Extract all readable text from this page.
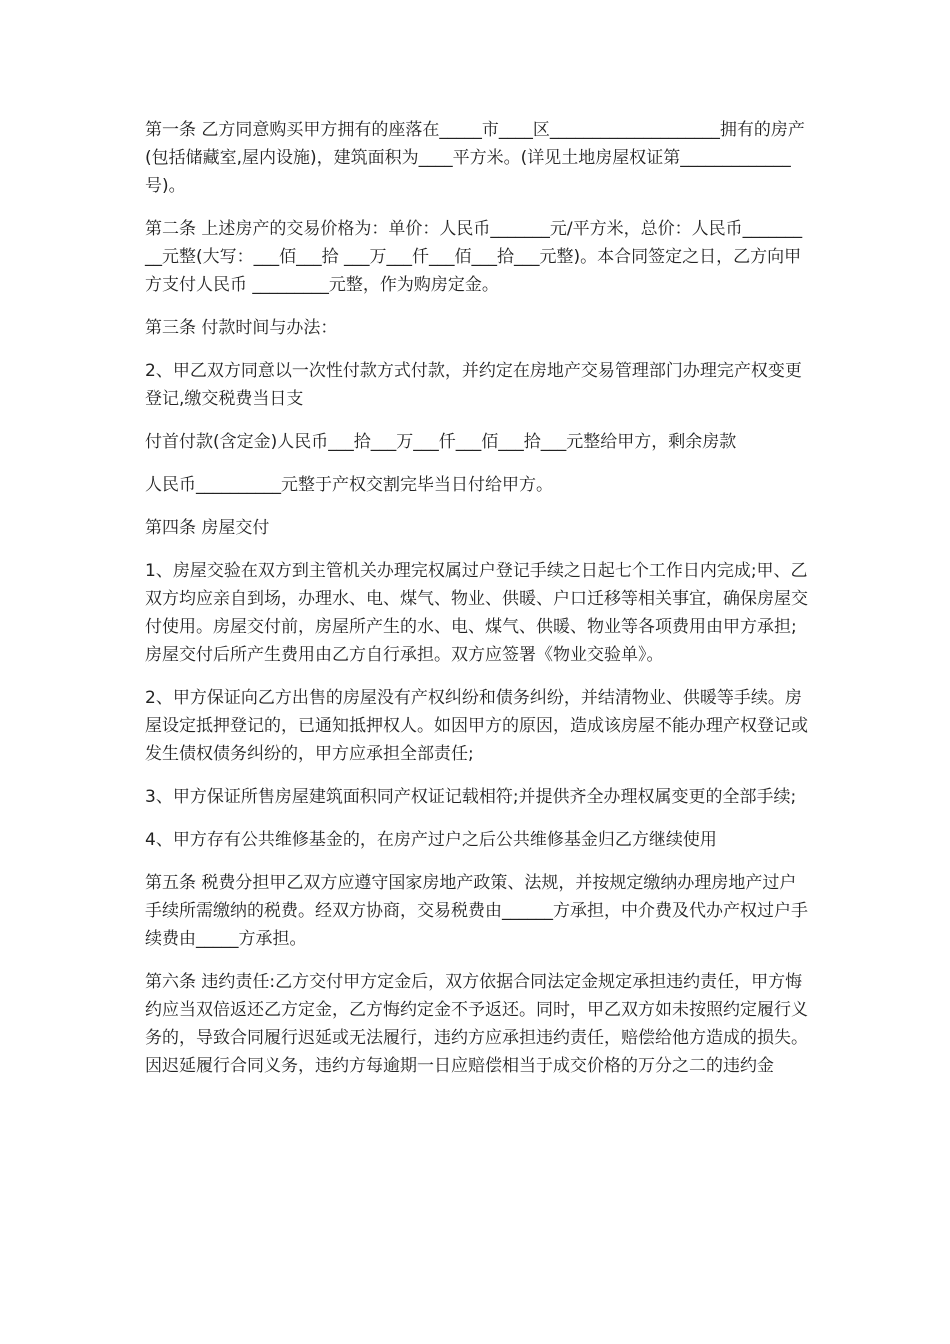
第一条 乙方同意购买甲方拥有的座落在_____市____区____________________拥有的房产(包括储藏室,屋内设施)，建筑面积为____平方米。(详见土地房屋权证第_____________号)。

第二条 上述房产的交易价格为：单价：人民币_______元/平方米，总价：人民币_________元整(大写：___佰___拾 ___万___仟___佰___拾___元整)。本合同签定之日，乙方向甲方支付人民币 _________元整，作为购房定金。

第三条 付款时间与办法：

2、甲乙双方同意以一次性付款方式付款，并约定在房地产交易管理部门办理完产权变更登记,缴交税费当日支

付首付款(含定金)人民币___拾___万___仟___佰___拾___元整给甲方，剩余房款

人民币__________元整于产权交割完毕当日付给甲方。

第四条 房屋交付

1、房屋交验在双方到主管机关办理完权属过户登记手续之日起七个工作日内完成;甲、乙双方均应亲自到场，办理水、电、煤气、物业、供暖、户口迁移等相关事宜，确保房屋交付使用。房屋交付前，房屋所产生的水、电、煤气、供暖、物业等各项费用由甲方承担;房屋交付后所产生费用由乙方自行承担。双方应签署《物业交验单》。

2、甲方保证向乙方出售的房屋没有产权纠纷和债务纠纷，并结清物业、供暖等手续。房屋设定抵押登记的，已通知抵押权人。如因甲方的原因，造成该房屋不能办理产权登记或发生债权债务纠纷的，甲方应承担全部责任;

3、甲方保证所售房屋建筑面积同产权证记载相符;并提供齐全办理权属变更的全部手续;

4、甲方存有公共维修基金的，在房产过户之后公共维修基金归乙方继续使用

第五条 税费分担甲乙双方应遵守国家房地产政策、法规，并按规定缴纳办理房地产过户手续所需缴纳的税费。经双方协商，交易税费由______方承担，中介费及代办产权过户手续费由_____方承担。

第六条 违约责任:乙方交付甲方定金后，双方依据合同法定金规定承担违约责任，甲方悔约应当双倍返还乙方定金，乙方悔约定金不予返还。同时，甲乙双方如未按照约定履行义务的，导致合同履行迟延或无法履行，违约方应承担违约责任，赔偿给他方造成的损失。因迟延履行合同义务，违约方每逾期一日应赔偿相当于成交价格的万分之二的违约金
